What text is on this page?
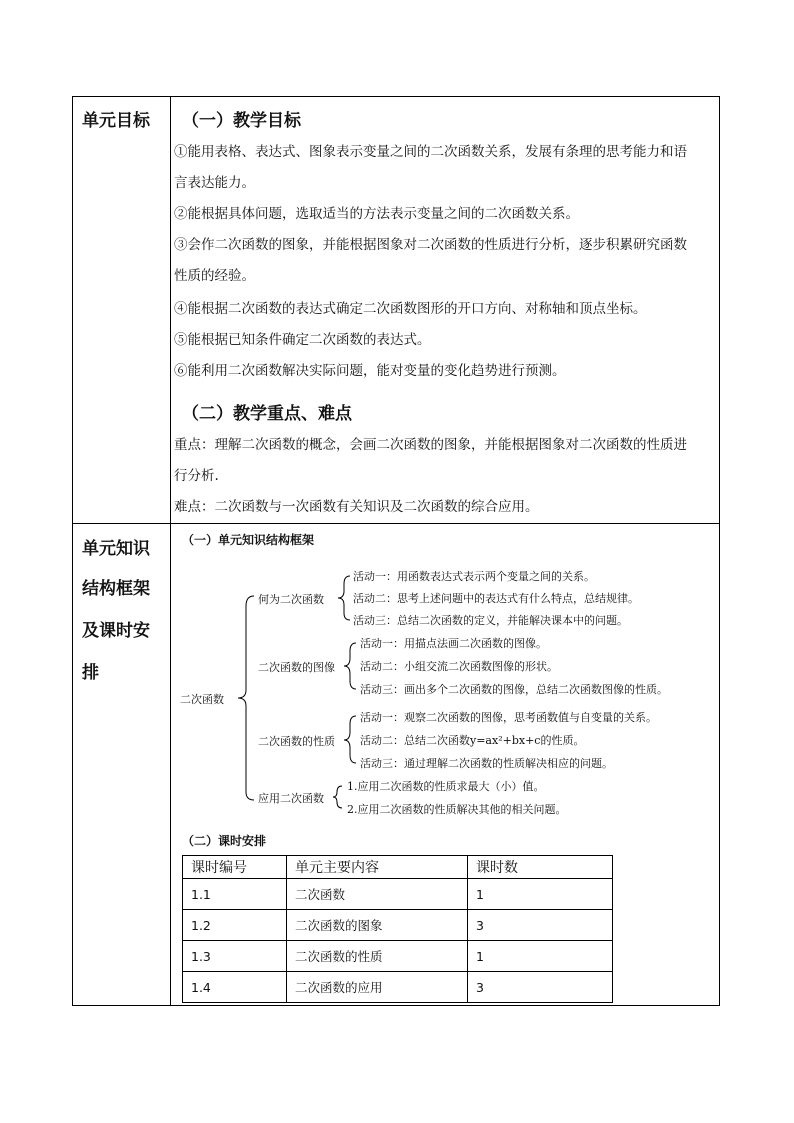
单元目标 （一）教学目标
①能用表格、表达式、图象表示变量之间的二次函数关系，发展有条理的思考能力和语
言表达能力。
②能根据具体问题，选取适当的方法表示变量之间的二次函数关系。
③会作二次函数的图象，并能根据图象对二次函数的性质进行分析，逐步积累研究函数
性质的经验。
④能根据二次函数的表达式确定二次函数图形的开口方向、对称轴和顶点坐标。
⑤能根据已知条件确定二次函数的表达式。
⑥能利用二次函数解决实际问题，能对变量的变化趋势进行预测。
（二）教学重点、难点
重点：理解二次函数的概念，会画二次函数的图象，并能根据图象对二次函数的性质进
行分析.
难点：二次函数与一次函数有关知识及二次函数的综合应用。
单元知识
结构框架
及课时安
排
（一）单元知识结构框架
二次函数
何为二次函数
活动一：用函数表达式表示两个变量之间的关系。
活动二：思考上述问题中的表达式有什么特点，总结规律。
活动三：总结二次函数的定义，并能解决课本中的问题。
二次函数的图像
活动一：用描点法画二次函数的图像。
活动二：小组交流二次函数图像的形状。
活动三：画出多个二次函数的图像，总结二次函数图像的性质。
二次函数的性质
活动一：观察二次函数的图像，思考函数值与自变量的关系。
活动二：总结二次函数y=ax²+bx+c的性质。
活动三：通过理解二次函数的性质解决相应的问题。
应用二次函数
1.应用二次函数的性质求最大（小）值。
2.应用二次函数的性质解决其他的相关问题。
（二）课时安排
课时编号	单元主要内容	课时数
1.1	二次函数	1
1.2	二次函数的图象	3
1.3	二次函数的性质	1
1.4	二次函数的应用	3
